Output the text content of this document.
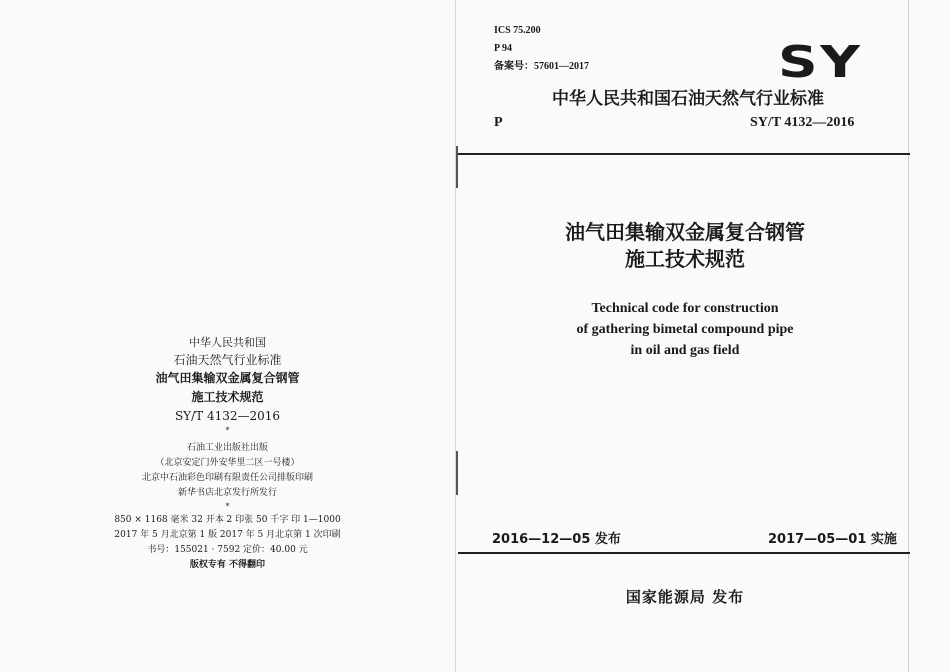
中华人民共和国
石油天然气行业标准
油气田集输双金属复合钢管
施工技术规范
SY/T 4132—2016
*
石油工业出版社出版
（北京安定门外安华里二区一号楼）
北京中石油彩色印刷有限责任公司排版印刷
新华书店北京发行所发行
*
850 × 1168 毫米 32 开本 2 印张 50 千字 印 1—1000
2017 年 5 月北京第 1 版 2017 年 5 月北京第 1 次印刷
书号：155021 · 7592 定价：40.00 元
版权专有 不得翻印
ICS 75.200
P 94
备案号：57601—2017	SY
中华人民共和国石油天然气行业标准
P	SY/T 4132—2016
油气田集输双金属复合钢管
施工技术规范
Technical code for construction
of gathering bimetal compound pipe
in oil and gas field
2016—12—05 发布	2017—05—01 实施
国家能源局 发布
